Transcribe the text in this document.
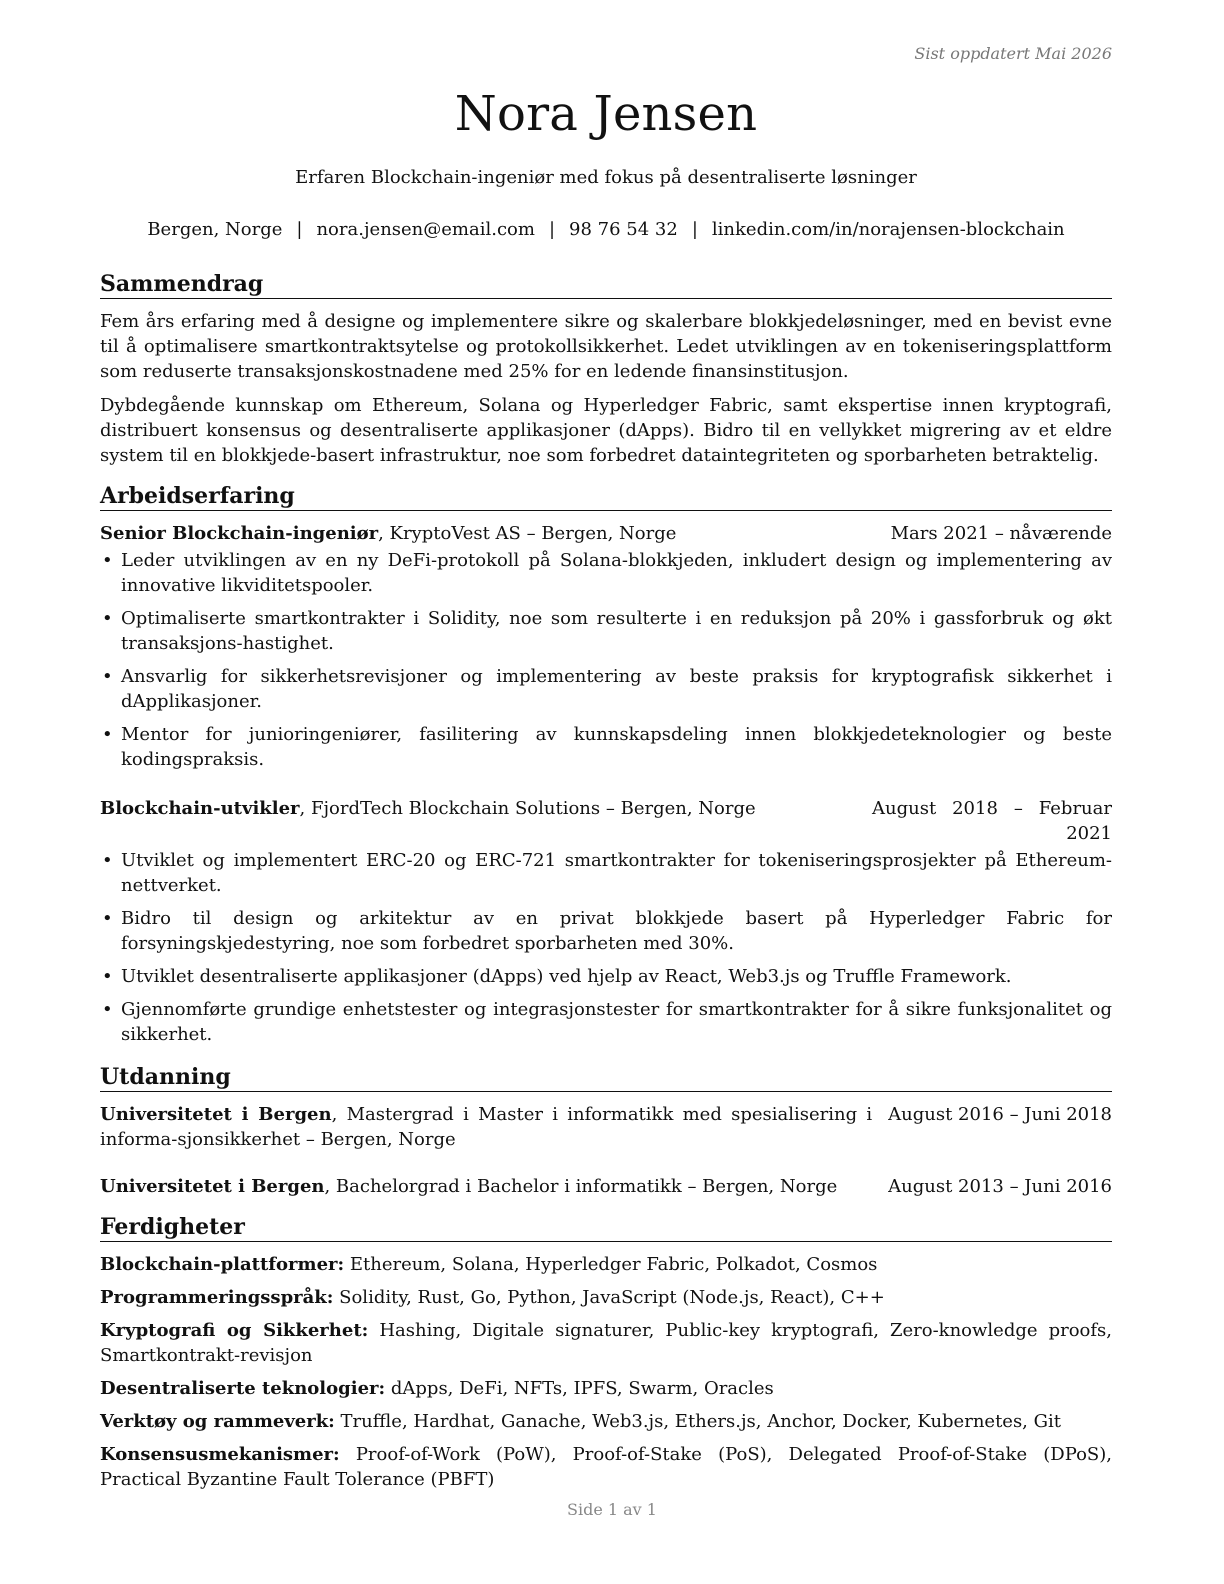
Sist oppdatert Mai 2026
Nora Jensen
Erfaren Blockchain-ingeniør med fokus på desentraliserte løsninger
Bergen, Norge | nora.jensen@email.com | 98 76 54 32 | linkedin.com/in/norajensen-blockchain
Sammendrag

Fem års erfaring med å designe og implementere sikre og skalerbare blokkjedeløsninger, med en bevist evne til å optimalisere smartkontraktsytelse og protokollsikkerhet. Ledet utviklingen av en tokeniseringsplattform som reduserte transaksjonskostnadene med 25% for en ledende finansinstitusjon.

Dybdegående kunnskap om Ethereum, Solana og Hyperledger Fabric, samt ekspertise innen kryptografi, distribuert konsensus og desentraliserte applikasjoner (dApps). Bidro til en vellykket migrering av et eldre system til en blokkjede-basert infrastruktur, noe som forbedret dataintegriteten og sporbarheten betraktelig.

Arbeidserfaring
Senior Blockchain-ingeniør, KryptoVest AS – Bergen, Norge	Mars 2021 – nåværende
• Leder utviklingen av en ny DeFi-protokoll på Solana-blokkjeden, inkludert design og implementering av innovative likviditetspooler.
• Optimaliserte smartkontrakter i Solidity, noe som resulterte i en reduksjon på 20% i gassforbruk og økt transaksjons-hastighet.
• Ansvarlig for sikkerhetsrevisjoner og implementering av beste praksis for kryptografisk sikkerhet i dApplikasjoner.
• Mentor for junioringeniører, fasilitering av kunnskapsdeling innen blokkjedeteknologier og beste kodingspraksis.
Blockchain-utvikler, FjordTech Blockchain Solutions – Bergen, Norge	August 2018 – Februar 2021
• Utviklet og implementert ERC-20 og ERC-721 smartkontrakter for tokeniseringsprosjekter på Ethereum-nettverket.
• Bidro til design og arkitektur av en privat blokkjede basert på Hyperledger Fabric for forsyningskjedestyring, noe som forbedret sporbarheten med 30%.
• Utviklet desentraliserte applikasjoner (dApps) ved hjelp av React, Web3.js og Truffle Framework.
• Gjennomførte grundige enhetstester og integrasjonstester for smartkontrakter for å sikre funksjonalitet og sikkerhet.
Utdanning
Universitetet i Bergen, Mastergrad i Master i informatikk med spesialisering i informa-sjonsikkerhet – Bergen, Norge
August 2016 – Juni 2018
Universitetet i Bergen, Bachelorgrad i Bachelor i informatikk – Bergen, Norge	August 2013 – Juni 2016
Ferdigheter
Blockchain-plattformer: Ethereum, Solana, Hyperledger Fabric, Polkadot, Cosmos
Programmeringsspråk: Solidity, Rust, Go, Python, JavaScript (Node.js, React), C++
Kryptografi og Sikkerhet: Hashing, Digitale signaturer, Public-key kryptografi, Zero-knowledge proofs, Smartkontrakt-revisjon
Desentraliserte teknologier: dApps, DeFi, NFTs, IPFS, Swarm, Oracles
Verktøy og rammeverk: Truffle, Hardhat, Ganache, Web3.js, Ethers.js, Anchor, Docker, Kubernetes, Git
Konsensusmekanismer: Proof-of-Work (PoW), Proof-of-Stake (PoS), Delegated Proof-of-Stake (DPoS), Practical Byzantine Fault Tolerance (PBFT)
Side 1 av 1
